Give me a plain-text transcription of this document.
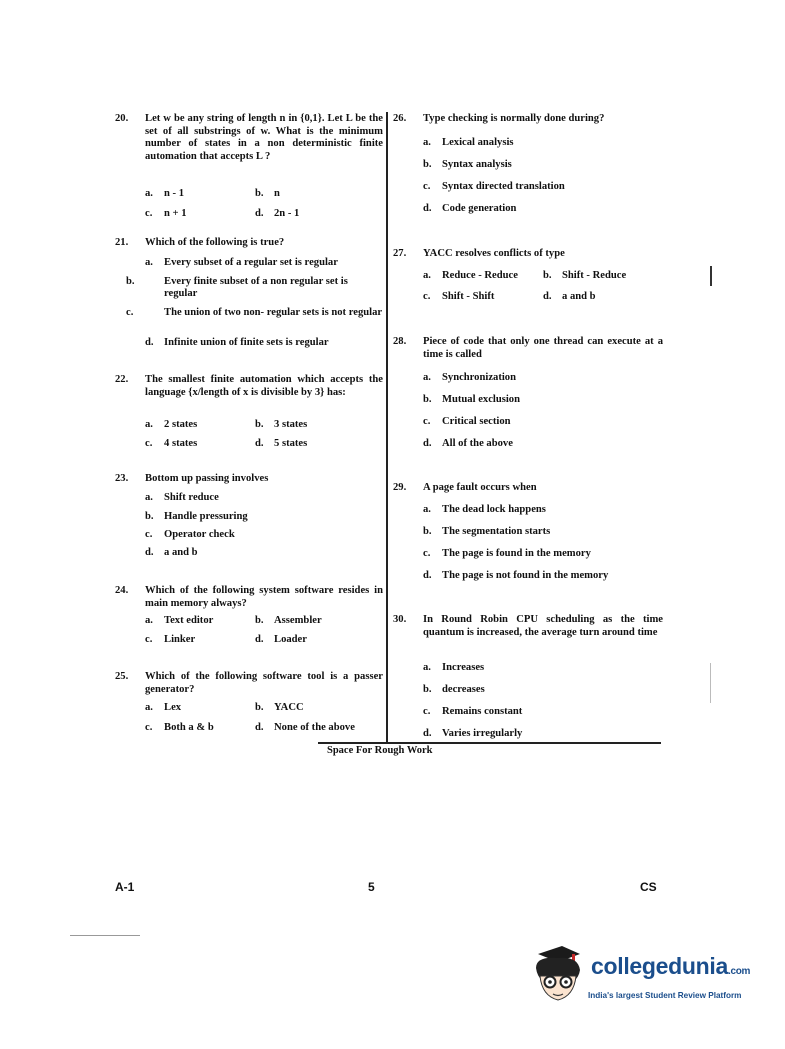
20. Let w be any string of length n in {0,1}. Let L be the set of all substrings of w. What is the minimum number of states in a non deterministic finite automation that accepts L ?
a. n - 1	b. n
c. n + 1	d. 2n - 1
21. Which of the following is true?
a. Every subset of a regular set is regular
b.	Every finite subset of a non regular set is regular
c.	The union of two non- regular sets is not regular
d. Infinite union of finite sets is regular
22. The smallest finite automation which accepts the language {x/length of x is divisible by 3} has:
a. 2 states	b. 3 states
c. 4 states	d. 5 states
23. Bottom up passing involves
a. Shift reduce
b. Handle pressuring
c. Operator check
d. a and b
24. Which of the following system software resides in main memory always?
a. Text editor	b. Assembler
c. Linker	d. Loader
25. Which of the following software tool is a passer generator?
a. Lex	b. YACC
c. Both a & b	d. None of the above
26. Type checking is normally done during?
a. Lexical analysis
b. Syntax analysis
c. Syntax directed translation
d. Code generation
27. YACC resolves conflicts of type
a. Reduce - Reduce b. Shift - Reduce
c. Shift - Shift	d. a and b
28. Piece of code that only one thread can execute at a time is called
a. Synchronization
b. Mutual exclusion
c. Critical section
d. All of the above
29. A page fault occurs when
a. The dead lock happens
b. The segmentation starts
c. The page is found in the memory
d. The page is not found in the memory
30. In Round Robin CPU scheduling as the time quantum is increased, the average turn around time
a. Increases
b. decreases
c. Remains constant
d. Varies irregularly
Space For Rough Work
A-1	5	CS
collegedunia.com
India's largest Student Review Platform
